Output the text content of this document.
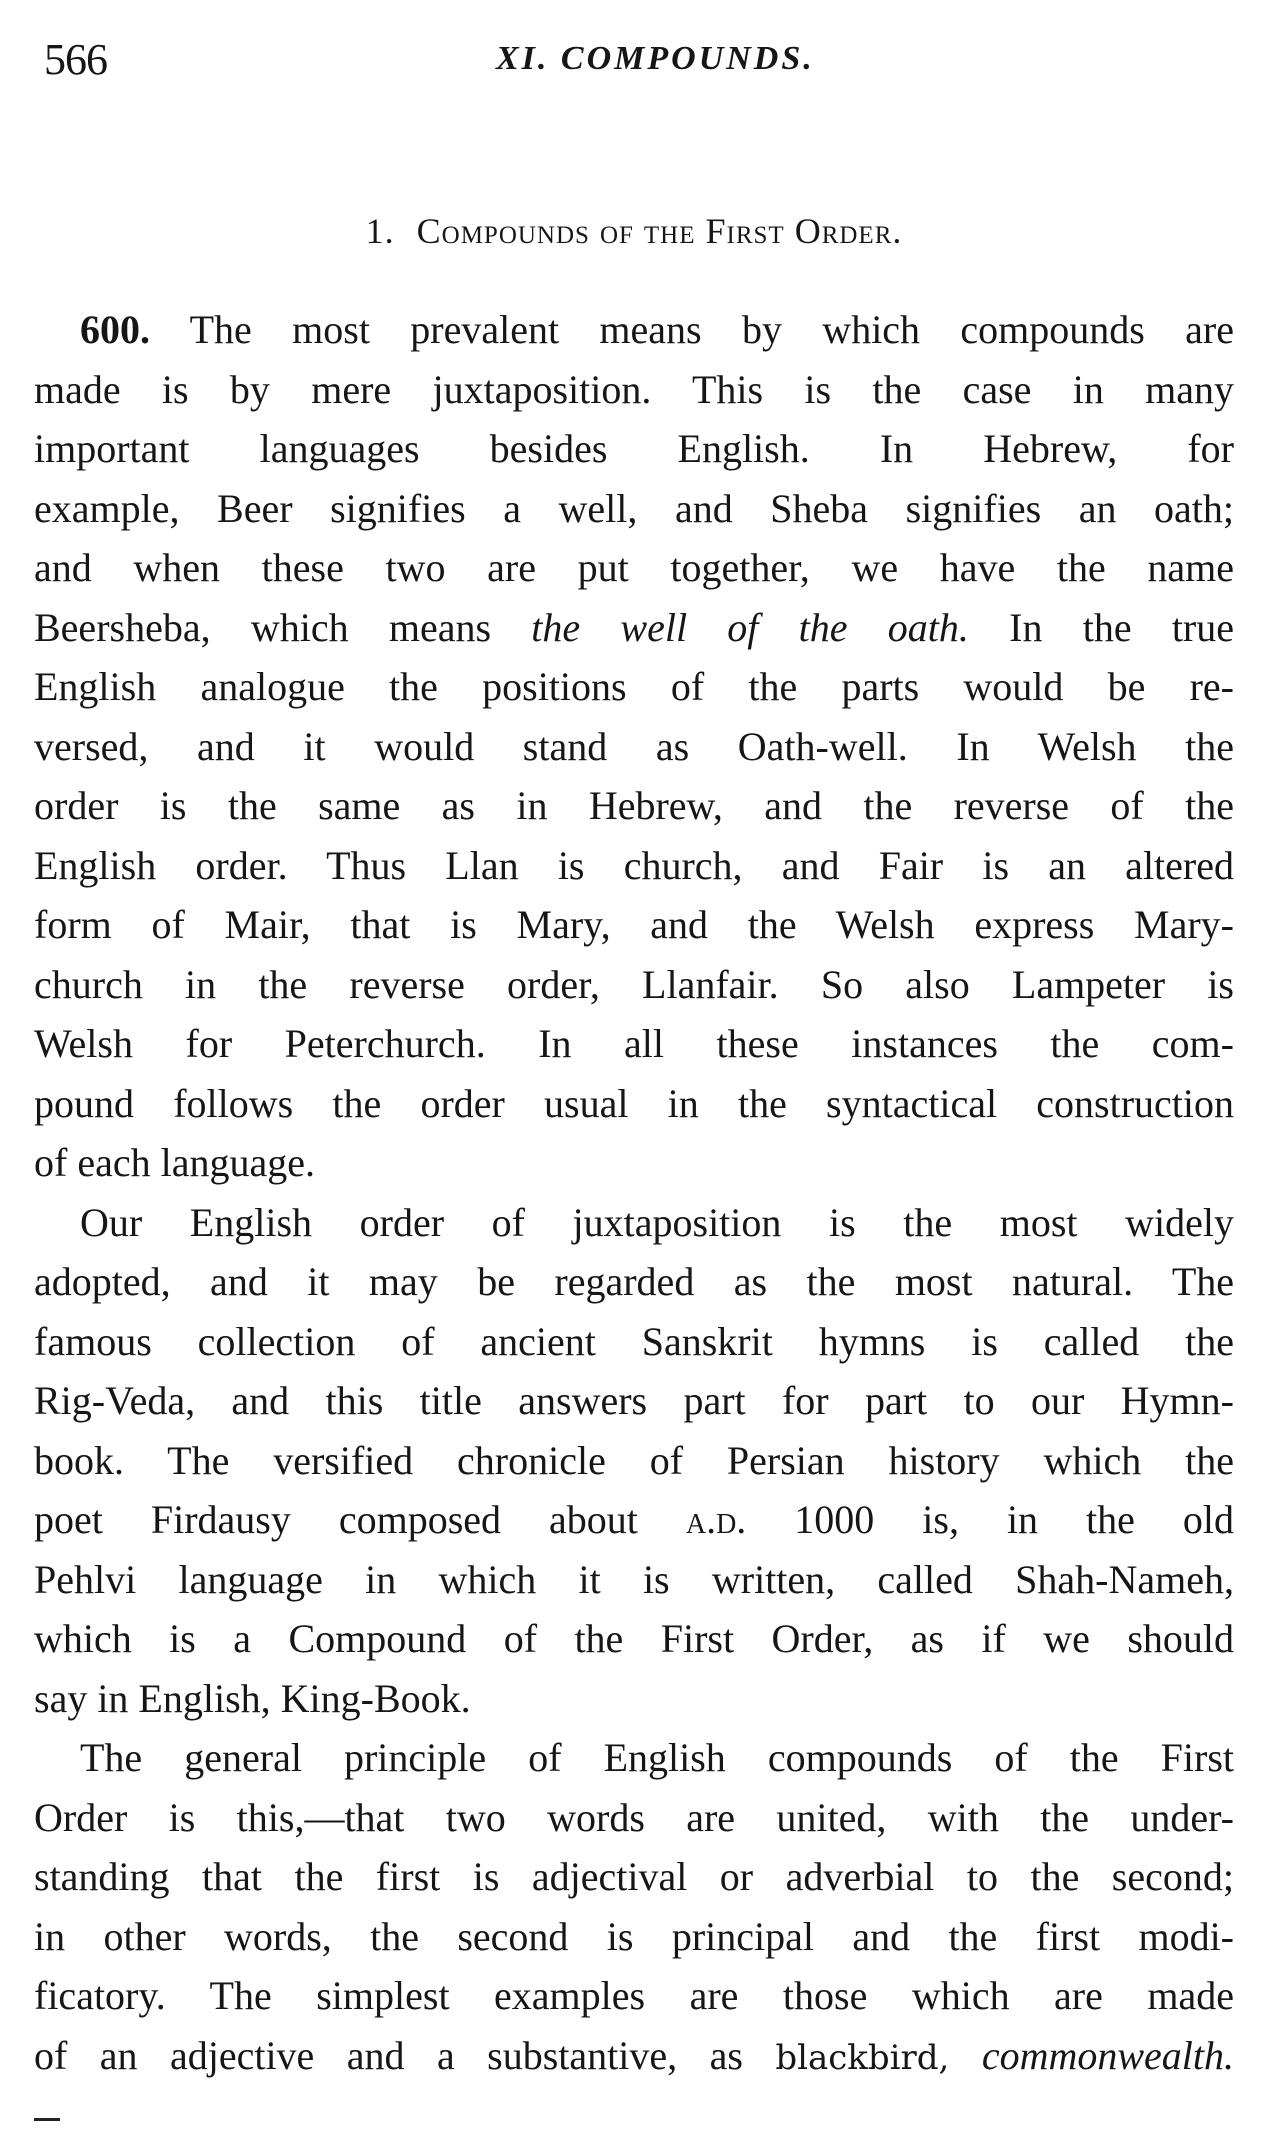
566	XI. COMPOUNDS.
1. Compounds of the First Order.
600. The most prevalent means by which compounds are
made is by mere juxtaposition. This is the case in many
important languages besides English. In Hebrew, for
example, Beer signifies a well, and Sheba signifies an oath;
and when these two are put together, we have the name
Beersheba, which means the well of the oath. In the true
English analogue the positions of the parts would be re-
versed, and it would stand as Oath-well. In Welsh the
order is the same as in Hebrew, and the reverse of the
English order. Thus Llan is church, and Fair is an altered
form of Mair, that is Mary, and the Welsh express Mary-
church in the reverse order, Llanfair. So also Lampeter is
Welsh for Peterchurch. In all these instances the com-
pound follows the order usual in the syntactical construction
of each language.
Our English order of juxtaposition is the most widely
adopted, and it may be regarded as the most natural. The
famous collection of ancient Sanskrit hymns is called the
Rig-Veda, and this title answers part for part to our Hymn-
book. The versified chronicle of Persian history which the
poet Firdausy composed about a.d. 1000 is, in the old
Pehlvi language in which it is written, called Shah-Nameh,
which is a Compound of the First Order, as if we should
say in English, King-Book.
The general principle of English compounds of the First
Order is this,—that two words are united, with the under-
standing that the first is adjectival or adverbial to the second;
in other words, the second is principal and the first modi-
ficatory. The simplest examples are those which are made
of an adjective and a substantive, as blackbird, commonwealth.
